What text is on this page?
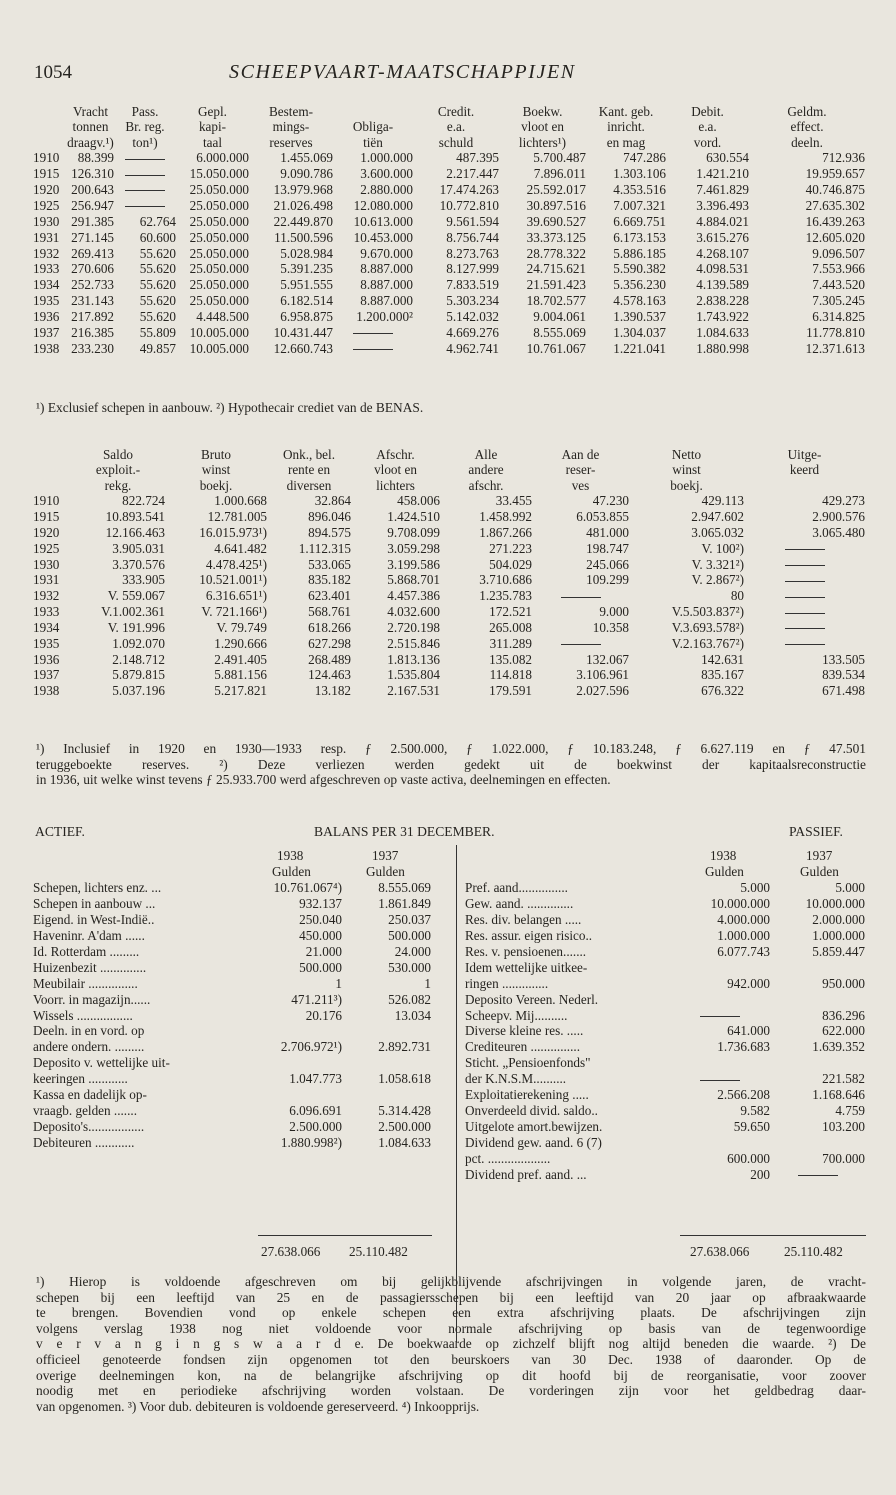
1054	SCHEEPVAART-MAATSCHAPPIJEN
	Vracht	Pass.	Gepl.	Bestem-		Credit.	Boekw.	Kant. geb.	Debit.	Geldm.
	tonnen	Br. reg.	kapi-	mings-	Obliga-	e.a.	vloot en	inricht.	e.a.	effect.
	draagv.¹)	ton¹)	taal	reserves	tiën	schuld	lichters¹)	en mag	vord.	deeln.
1910	88.399		6.000.000	1.455.069	1.000.000	487.395	5.700.487	747.286	630.554	712.936
1915	126.310		15.050.000	9.090.786	3.600.000	2.217.447	7.896.011	1.303.106	1.421.210	19.959.657
1920	200.643		25.050.000	13.979.968	2.880.000	17.474.263	25.592.017	4.353.516	7.461.829	40.746.875
1925	256.947		25.050.000	21.026.498	12.080.000	10.772.810	30.897.516	7.007.321	3.396.493	27.635.302
1930	291.385	62.764	25.050.000	22.449.870	10.613.000	9.561.594	39.690.527	6.669.751	4.884.021	16.439.263
1931	271.145	60.600	25.050.000	11.500.596	10.453.000	8.756.744	33.373.125	6.173.153	3.615.276	12.605.020
1932	269.413	55.620	25.050.000	5.028.984	9.670.000	8.273.763	28.778.322	5.886.185	4.268.107	9.096.507
1933	270.606	55.620	25.050.000	5.391.235	8.887.000	8.127.999	24.715.621	5.590.382	4.098.531	7.553.966
1934	252.733	55.620	25.050.000	5.951.555	8.887.000	7.833.519	21.591.423	5.356.230	4.139.589	7.443.520
1935	231.143	55.620	25.050.000	6.182.514	8.887.000	5.303.234	18.702.577	4.578.163	2.838.228	7.305.245
1936	217.892	55.620	4.448.500	6.958.875	1.200.000²	5.142.032	9.004.061	1.390.537	1.743.922	6.314.825
1937	216.385	55.809	10.005.000	10.431.447		4.669.276	8.555.069	1.304.037	1.084.633	11.778.810
1938	233.230	49.857	10.005.000	12.660.743		4.962.741	10.761.067	1.221.041	1.880.998	12.371.613
¹) Exclusief schepen in aanbouw. ²) Hypothecair crediet van de BENAS.
	Saldo	Bruto	Onk., bel.	Afschr.	Alle	Aan de	Netto	Uitge-
	exploit.-	winst	rente en	vloot en	andere	reser-	winst	keerd
	rekg.	boekj.	diversen	lichters	afschr.	ves	boekj.	
1910	822.724	1.000.668	32.864	458.006	33.455	47.230	429.113	429.273
1915	10.893.541	12.781.005	896.046	1.424.510	1.458.992	6.053.855	2.947.602	2.900.576
1920	12.166.463	16.015.973¹)	894.575	9.708.099	1.867.266	481.000	3.065.032	3.065.480
1925	3.905.031	4.641.482	1.112.315	3.059.298	271.223	198.747	V. 100²)	
1930	3.370.576	4.478.425¹)	533.065	3.199.586	504.029	245.066	V. 3.321²)	
1931	333.905	10.521.001¹)	835.182	5.868.701	3.710.686	109.299	V. 2.867²)	
1932	V. 559.067	6.316.651¹)	623.401	4.457.386	1.235.783		80	
1933	V.1.002.361	V. 721.166¹)	568.761	4.032.600	172.521	9.000	V.5.503.837²)	
1934	V. 191.996	V. 79.749	618.266	2.720.198	265.008	10.358	V.3.693.578²)	
1935	1.092.070	1.290.666	627.298	2.515.846	311.289		V.2.163.767²)	
1936	2.148.712	2.491.405	268.489	1.813.136	135.082	132.067	142.631	133.505
1937	5.879.815	5.881.156	124.463	1.535.804	114.818	3.106.961	835.167	839.534
1938	5.037.196	5.217.821	13.182	2.167.531	179.591	2.027.596	676.322	671.498
¹) Inclusief in 1920 en 1930—1933 resp. ƒ 2.500.000, ƒ 1.022.000, ƒ 10.183.248, ƒ 6.627.119 en ƒ 47.501
teruggeboekte reserves. ²) Deze verliezen werden gedekt uit de boekwinst der kapitaalsreconstructie
in 1936, uit welke winst tevens ƒ 25.933.700 werd afgeschreven op vaste activa, deelnemingen en effecten.
ACTIEF.	BALANS PER 31 DECEMBER.	PASSIEF.
1938	1937
Gulden	Gulden
1938	1937
Gulden	Gulden
Schepen, lichters enz. ...	10.761.067⁴)	8.555.069
Schepen in aanbouw ...	932.137	1.861.849
Eigend. in West-Indië..	250.040	250.037
Haveninr. A'dam ......	450.000	500.000
Id. Rotterdam .........	21.000	24.000
Huizenbezit ..............	500.000	530.000
Meubilair ...............	1	1
Voorr. in magazijn......	471.211³)	526.082
Wissels .................	20.176	13.034
Deeln. in en vord. op		
andere ondern. .........	2.706.972¹)	2.892.731
Deposito v. wettelijke uit-		
keeringen ............	1.047.773	1.058.618
Kassa en dadelijk op-		
vraagb. gelden .......	6.096.691	5.314.428
Deposito's.................	2.500.000	2.500.000
Debiteuren ............	1.880.998²)	1.084.633
Pref. aand...............	5.000	5.000
Gew. aand. ..............	10.000.000	10.000.000
Res. div. belangen .....	4.000.000	2.000.000
Res. assur. eigen risico..	1.000.000	1.000.000
Res. v. pensioenen.......	6.077.743	5.859.447
Idem wettelijke uitkee-		
ringen ..............	942.000	950.000
Deposito Vereen. Nederl.		
Scheepv. Mij..........		836.296
Diverse kleine res. .....	641.000	622.000
Crediteuren ...............	1.736.683	1.639.352
Sticht. „Pensioenfonds"		
der K.N.S.M..........		221.582
Exploitatierekening .....	2.566.208	1.168.646
Onverdeeld divid. saldo..	9.582	4.759
Uitgelote amort.bewijzen.	59.650	103.200
Dividend gew. aand. 6 (7)		
pct. ...................	600.000	700.000
Dividend pref. aand. ...	200	
27.638.066 25.110.482	27.638.066	25.110.482
¹) Hierop is voldoende afgeschreven om bij gelijkblijvende afschrijvingen in volgende jaren, de vracht-
schepen bij een leeftijd van 25 en de passagiersschepen bij een leeftijd van 20 jaar op afbraakwaarde
te brengen. Bovendien vond op enkele schepen een extra afschrijving plaats. De afschrijvingen zijn
volgens verslag 1938 nog niet voldoende voor normale afschrijving op basis van de tegenwoordige
v e r v a n g i n g s w a a r d e. De boekwaarde op zichzelf blijft nog altijd beneden die waarde. ²) De
officieel genoteerde fondsen zijn opgenomen tot den beurskoers van 30 Dec. 1938 of daaronder. Op de
overige deelnemingen kon, na de belangrijke afschrijving op dit hoofd bij de reorganisatie, voor zoover
noodig met en periodieke afschrijving worden volstaan. De vorderingen zijn voor het geldbedrag daar-
van opgenomen. ³) Voor dub. debiteuren is voldoende gereserveerd. ⁴) Inkoopprijs.
